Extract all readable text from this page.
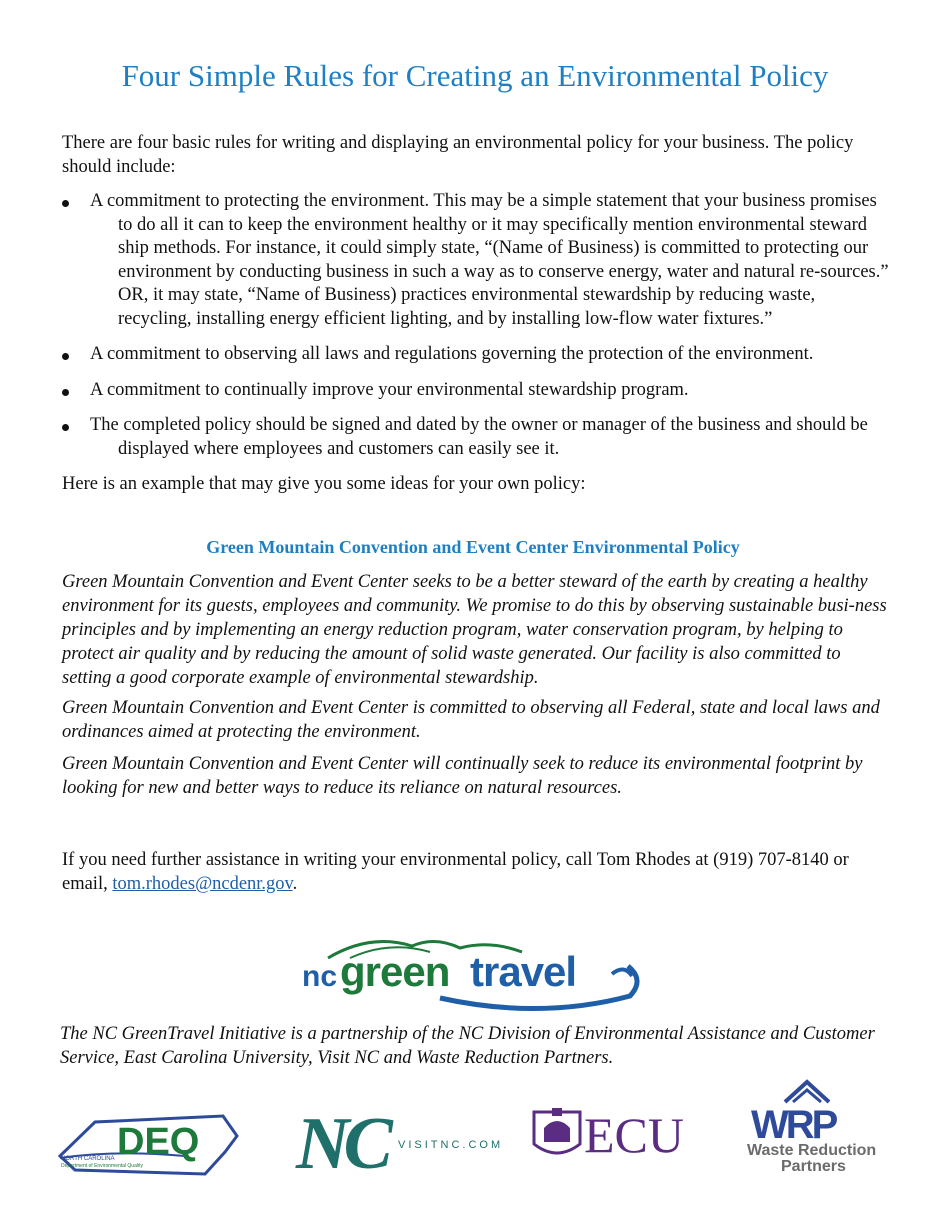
Four Simple Rules for Creating an Environmental Policy
There are four basic rules for writing and displaying an environmental policy for your business. The policy should include:
A commitment to protecting the environment. This may be a simple statement that your business promises to do all it can to keep the environment healthy or it may specifically mention environmental steward ship methods. For instance, it could simply state, “(Name of Business) is committed to protecting our environment by conducting business in such a way as to conserve energy, water and natural re-sources.” OR, it may state, “Name of Business) practices environmental stewardship by reducing waste, recycling, installing energy efficient lighting, and by installing low-flow water fixtures.”
A commitment to observing all laws and regulations governing the protection of the environment.
A commitment to continually improve your environmental stewardship program.
The completed policy should be signed and dated by the owner or manager of the business and should be displayed where employees and customers can easily see it.
Here is an example that may give you some ideas for your own policy:
Green Mountain Convention and Event Center Environmental Policy
Green Mountain Convention and Event Center seeks to be a better steward of the earth by creating a healthy environment for its guests, employees and community. We promise to do this by observing sustainable busi-ness principles and by implementing an energy reduction program, water conservation program, by helping to protect air quality and by reducing the amount of solid waste generated. Our facility is also committed to setting a good corporate example of environmental stewardship.
Green Mountain Convention and Event Center is committed to observing all Federal, state and local laws and ordinances aimed at protecting the environment.
Green Mountain Convention and Event Center will continually seek to reduce its environmental footprint by looking for new and better ways to reduce its reliance on natural resources.
If you need further assistance in writing your environmental policy, call Tom Rhodes at (919) 707-8140 or email, tom.rhodes@ncdenr.gov.
nc green travel
The NC GreenTravel Initiative is a partnership of the NC Division of Environmental Assistance and Customer Service, East Carolina University, Visit NC and Waste Reduction Partners.
DEQ
NORTH CAROLINA
Department of Environmental Quality NC	VISITNC.COM ECU WRP
Waste Reduction
Partners
